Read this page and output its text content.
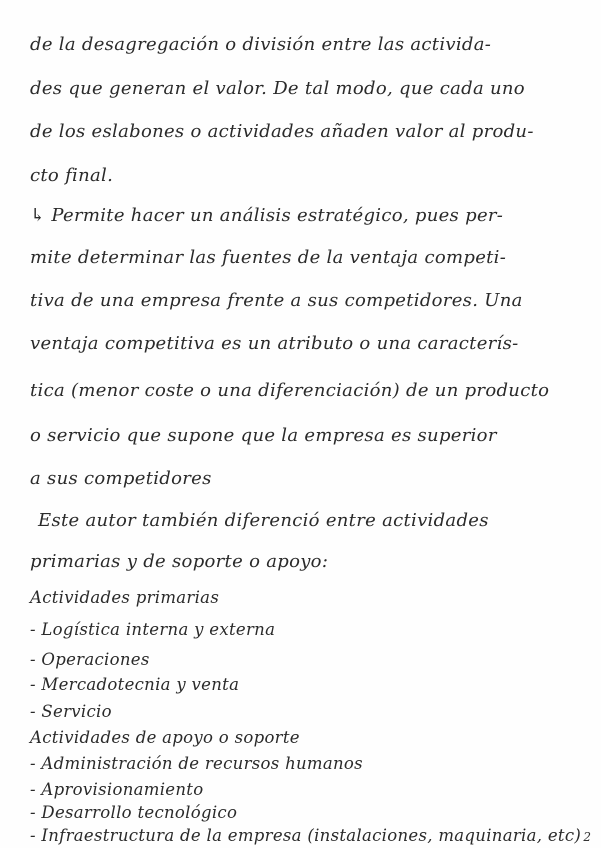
de la desagregación o división entre las activida-
des que generan el valor. De tal modo, que cada uno
de los eslabones o actividades añaden valor al produ-
cto final.
↳ Permite hacer un análisis estratégico, pues per-
mite determinar las fuentes de la ventaja competi-
tiva de una empresa frente a sus competidores. Una
ventaja competitiva es un atributo o una caracterís-
tica (menor coste o una diferenciación) de un producto
o servicio que supone que la empresa es superior
a sus competidores
Este autor también diferenció entre actividades
primarias y de soporte o apoyo:
Actividades primarias
- Logística interna y externa
- Operaciones
- Mercadotecnia y venta
- Servicio
Actividades de apoyo o soporte
- Administración de recursos humanos
- Aprovisionamiento
- Desarrollo tecnológico
- Infraestructura de la empresa (instalaciones, maquinaria, etc) 2
